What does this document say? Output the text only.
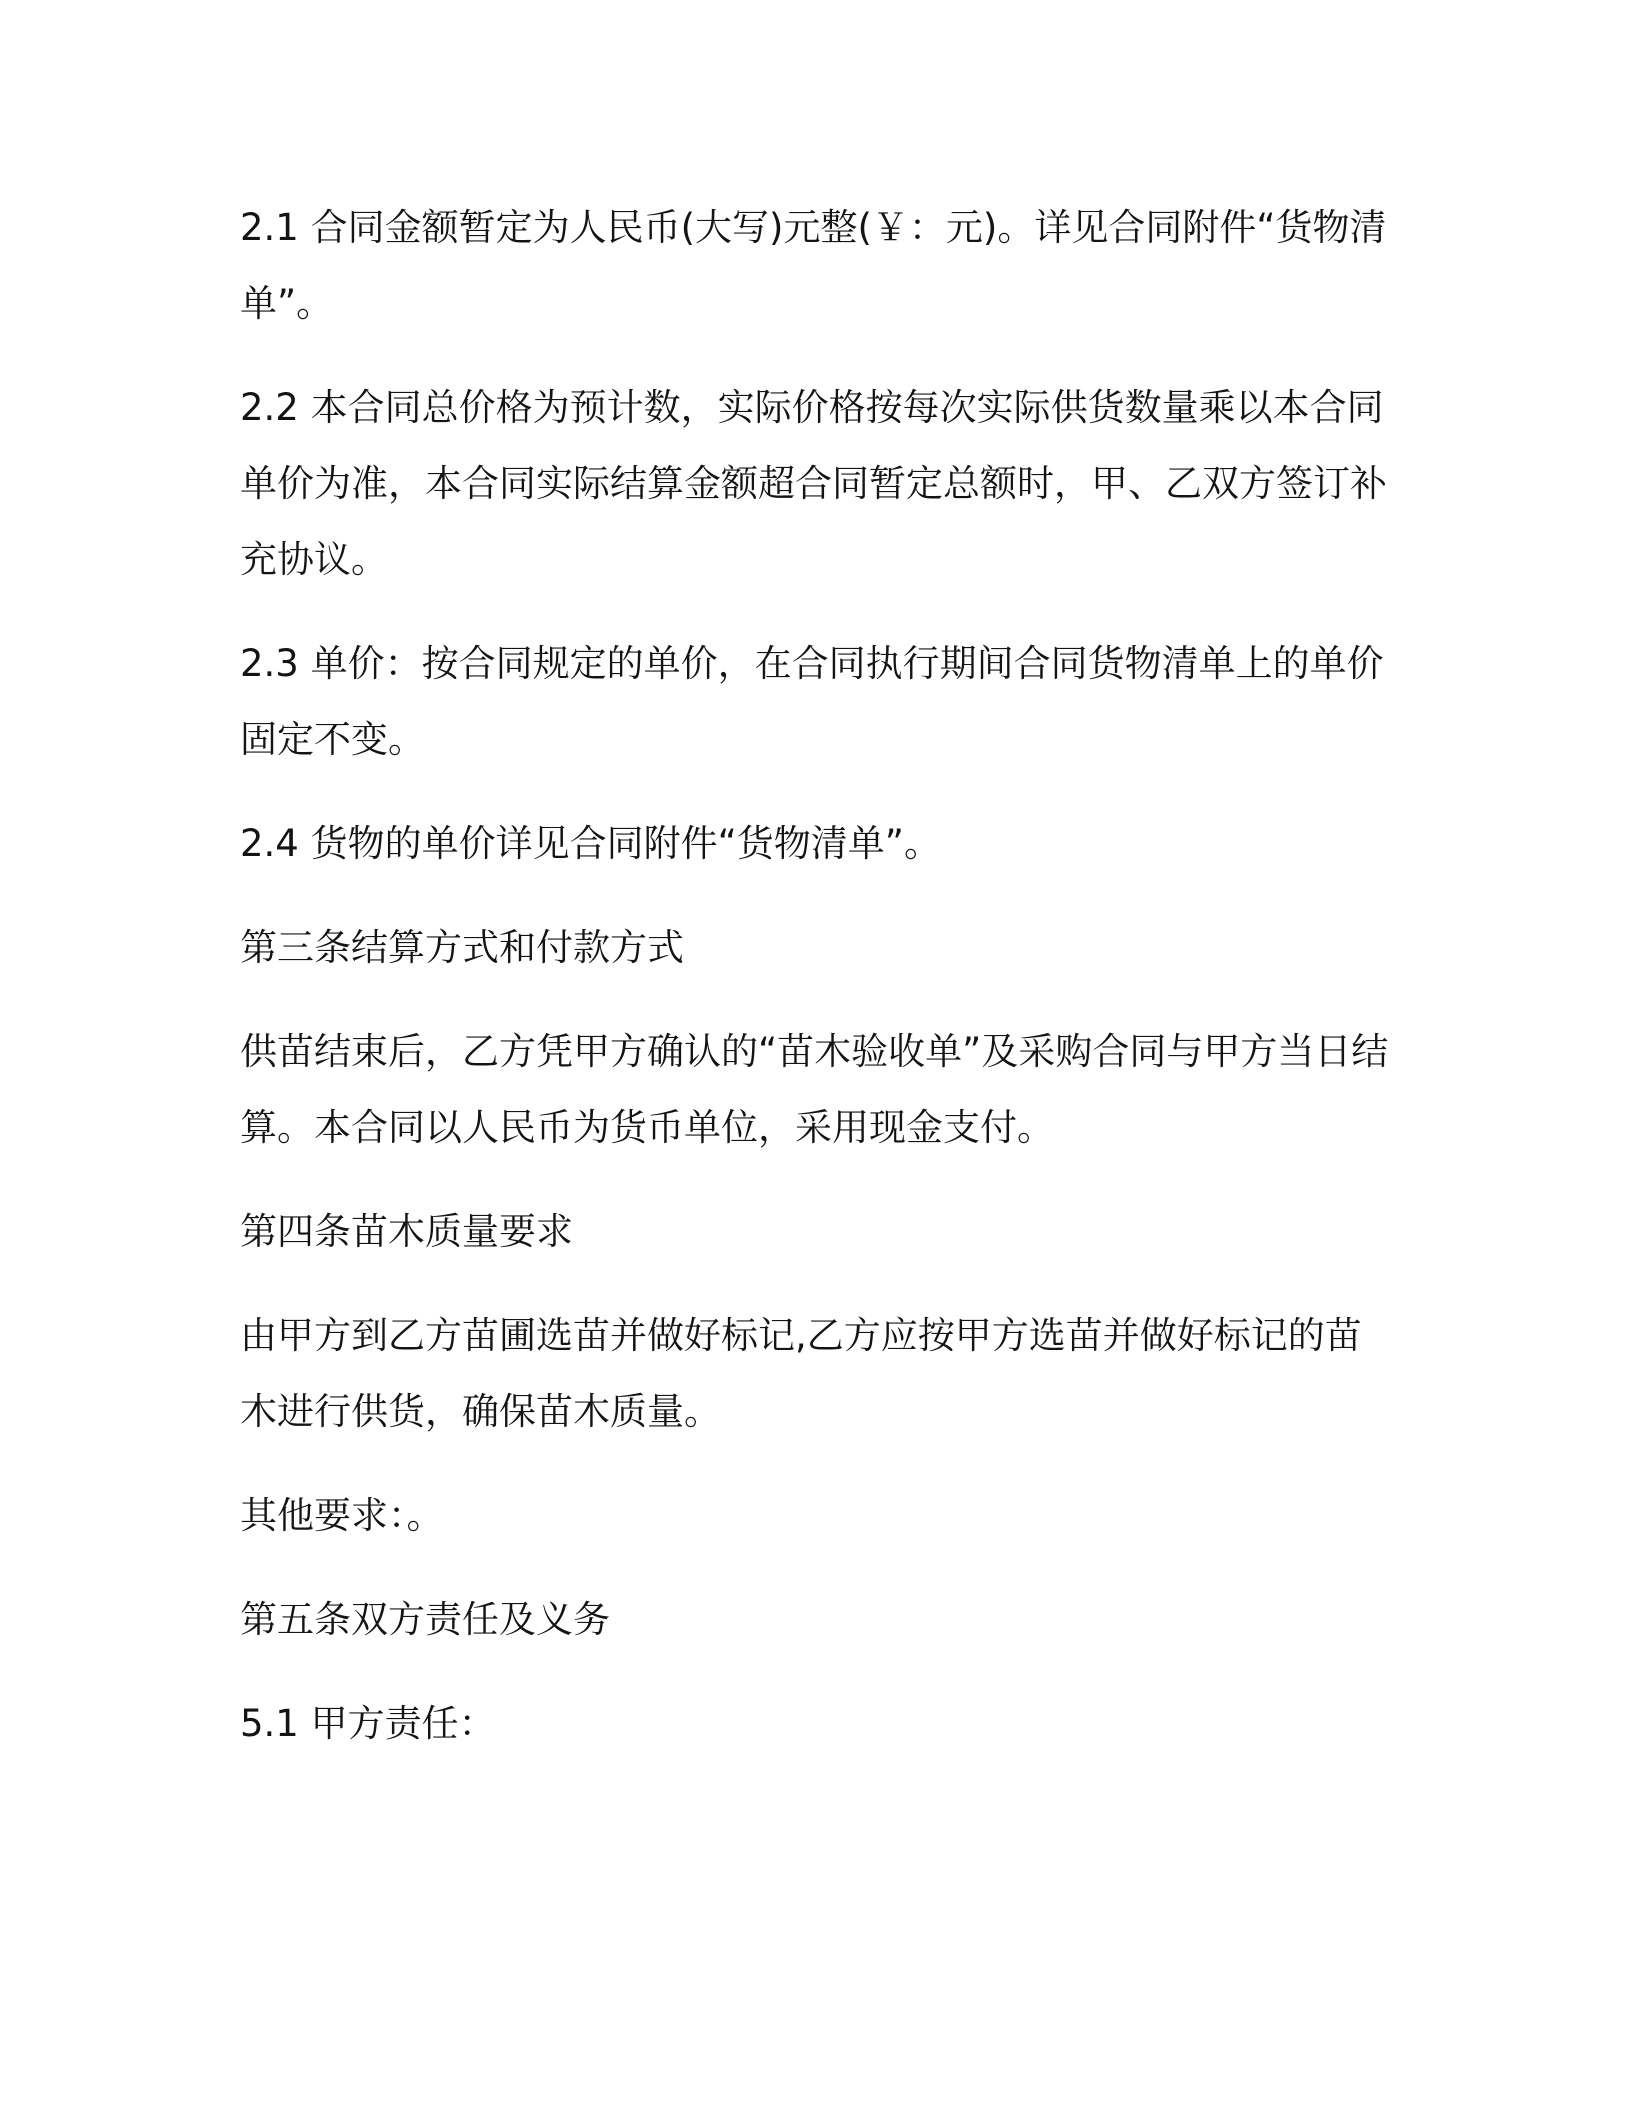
2.1 合同金额暂定为人民币(大写)元整(￥：元)。详见合同附件“货物清单”。

2.2 本合同总价格为预计数，实际价格按每次实际供货数量乘以本合同单价为准，本合同实际结算金额超合同暂定总额时，甲、乙双方签订补充协议。

2.3 单价：按合同规定的单价，在合同执行期间合同货物清单上的单价固定不变。

2.4 货物的单价详见合同附件“货物清单”。

第三条结算方式和付款方式

供苗结束后，乙方凭甲方确认的“苗木验收单”及采购合同与甲方当日结算。本合同以人民币为货币单位，采用现金支付。

第四条苗木质量要求

由甲方到乙方苗圃选苗并做好标记,乙方应按甲方选苗并做好标记的苗木进行供货，确保苗木质量。

其他要求：。

第五条双方责任及义务

5.1 甲方责任：
